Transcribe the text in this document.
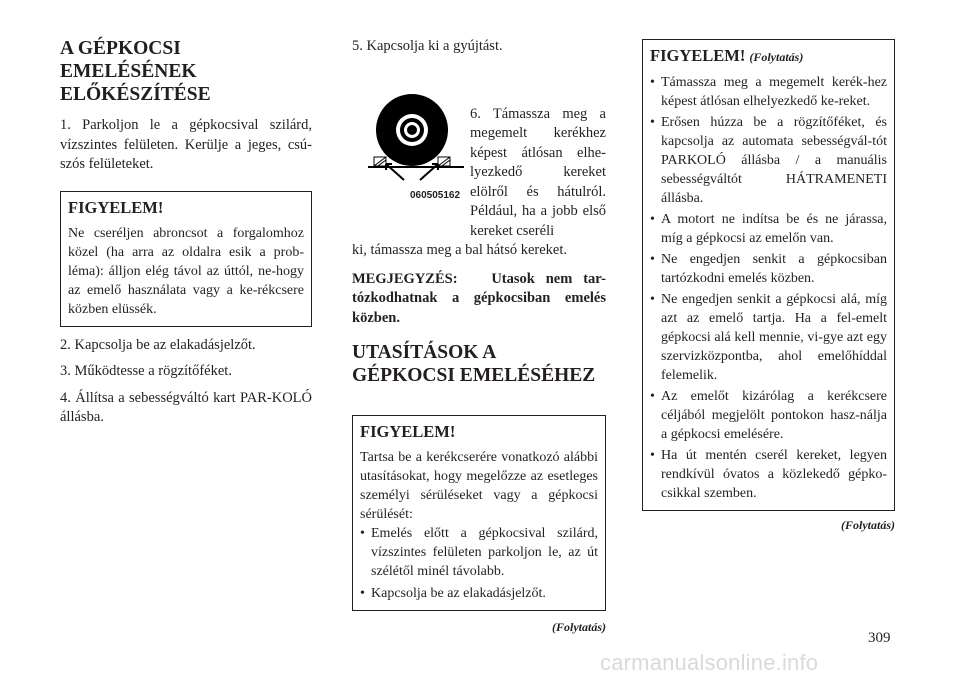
A GÉPKOCSI
EMELÉSÉNEK
ELŐKÉSZÍTÉSE

1. Parkoljon le a gépkocsival szilárd, vízszintes felületen. Kerülje a jeges, csú-szós felületeket.

FIGYELEM!

Ne cseréljen abroncsot a forgalomhoz közel (ha arra az oldalra esik a prob-léma): álljon elég távol az úttól, ne-hogy az emelő használata vagy a ke-rékcsere közben elüssék.

2. Kapcsolja be az elakadásjelzőt.

3. Működtesse a rögzítőféket.

4. Állítsa a sebességváltó kart PAR-KOLÓ állásba.

5. Kapcsolja ki a gyújtást.

060505162

6. Támassza meg a megemelt kerékhez képest átlósan elhe-lyezkedő kereket elölről és hátulról. Például, ha a jobb első kereket cseréli

ki, támassza meg a bal hátsó kereket.

MEGJEGYZÉS: Utasok nem tar-tózkodhatnak a gépkocsiban emelés közben.

UTASÍTÁSOK A
GÉPKOCSI EMELÉSÉHEZ
FIGYELEM!

Tartsa be a kerékcserére vonatkozó alábbi utasításokat, hogy megelőzze az esetleges személyi sérüléseket vagy a gépkocsi sérülését:

• Emelés előtt a gépkocsival szilárd, vízszintes felületen parkoljon le, az út szélétől minél távolabb.
• Kapcsolja be az elakadásjelzőt.
(Folytatás)
FIGYELEM! (Folytatás)
• Támassza meg a megemelt kerék-hez képest átlósan elhelyezkedő ke-reket.
• Erősen húzza be a rögzítőféket, és kapcsolja az automata sebességvál-tót PARKOLÓ állásba / a manuális sebességváltót HÁTRAMENETI állásba.
• A motort ne indítsa be és ne járassa, míg a gépkocsi az emelőn van.
• Ne engedjen senkit a gépkocsiban tartózkodni emelés közben.
• Ne engedjen senkit a gépkocsi alá, míg azt az emelő tartja. Ha a fel-emelt gépkocsi alá kell mennie, vi-gye azt egy szervizközpontba, ahol emelőhíddal felemelik.
• Az emelőt kizárólag a kerékcsere céljából megjelölt pontokon hasz-nálja a gépkocsi emelésére.
• Ha út mentén cserél kereket, legyen rendkívül óvatos a közlekedő gépko-csikkal szemben.
(Folytatás)
309
carmanualsonline.info
